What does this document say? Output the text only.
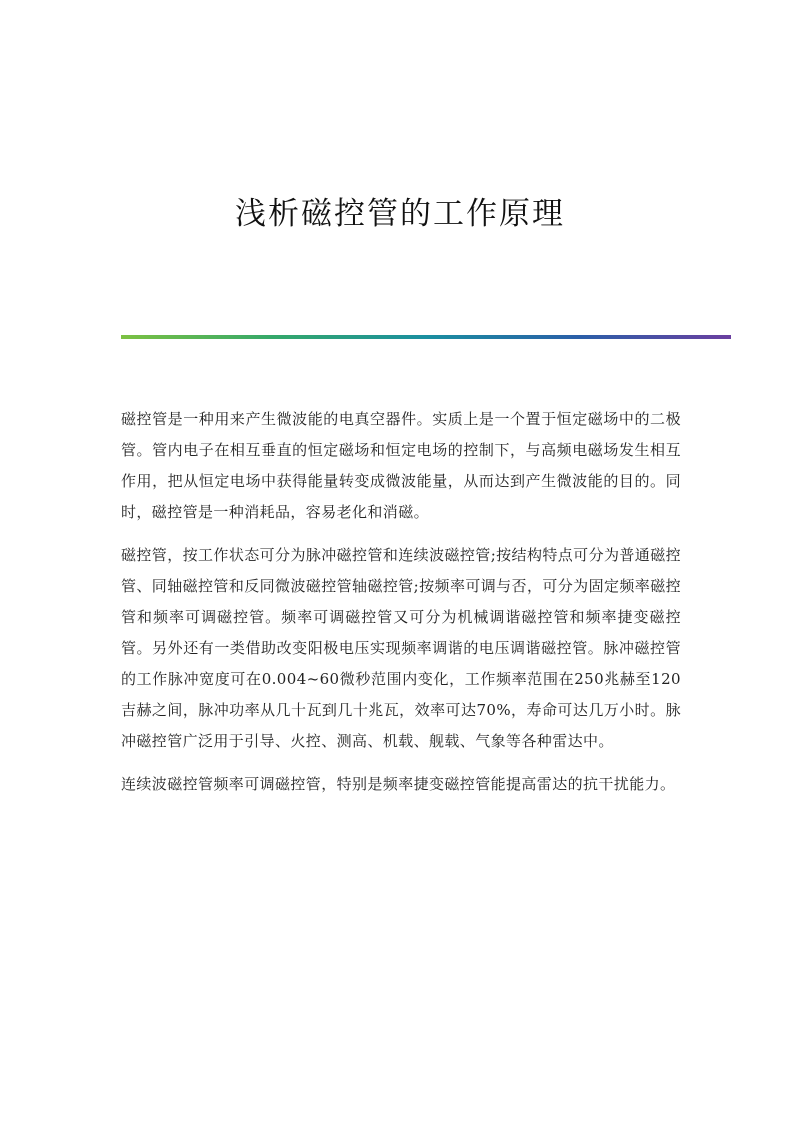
浅析磁控管的工作原理

磁控管是一种用来产生微波能的电真空器件。实质上是一个置于恒定磁场中的二极管。管内电子在相互垂直的恒定磁场和恒定电场的控制下，与高频电磁场发生相互作用，把从恒定电场中获得能量转变成微波能量，从而达到产生微波能的目的。同时，磁控管是一种消耗品，容易老化和消磁。

磁控管，按工作状态可分为脉冲磁控管和连续波磁控管;按结构特点可分为普通磁控管、同轴磁控管和反同微波磁控管轴磁控管;按频率可调与否，可分为固定频率磁控管和频率可调磁控管。频率可调磁控管又可分为机械调谐磁控管和频率捷变磁控管。另外还有一类借助改变阳极电压实现频率调谐的电压调谐磁控管。脉冲磁控管的工作脉冲宽度可在0.004~60微秒范围内变化，工作频率范围在250兆赫至120吉赫之间，脉冲功率从几十瓦到几十兆瓦，效率可达70%，寿命可达几万小时。脉冲磁控管广泛用于引导、火控、测高、机载、舰载、气象等各种雷达中。

连续波磁控管频率可调磁控管，特别是频率捷变磁控管能提高雷达的抗干扰能力。
